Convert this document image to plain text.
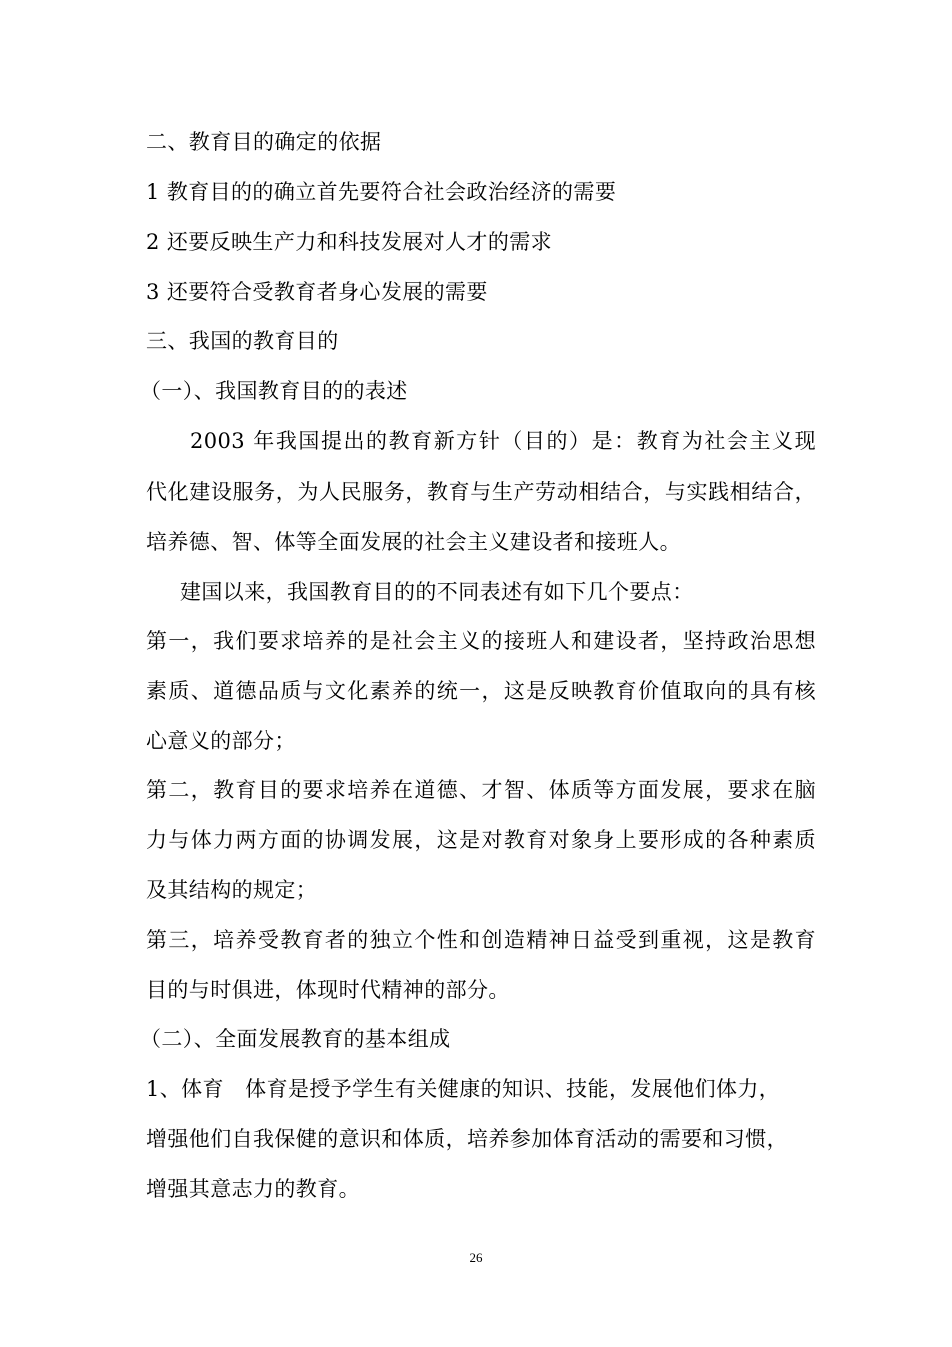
二、教育目的确定的依据
1 教育目的的确立首先要符合社会政治经济的需要
2 还要反映生产力和科技发展对人才的需求
3 还要符合受教育者身心发展的需要
三、我国的教育目的
（一）、我国教育目的的表述
2003 年我国提出的教育新方针（目的）是：教育为社会主义现
代化建设服务，为人民服务，教育与生产劳动相结合，与实践相结合，
培养德、智、体等全面发展的社会主义建设者和接班人。
建国以来，我国教育目的的不同表述有如下几个要点：
第一，我们要求培养的是社会主义的接班人和建设者，坚持政治思想
素质、道德品质与文化素养的统一，这是反映教育价值取向的具有核
心意义的部分；
第二，教育目的要求培养在道德、才智、体质等方面发展，要求在脑
力与体力两方面的协调发展，这是对教育对象身上要形成的各种素质
及其结构的规定；
第三，培养受教育者的独立个性和创造精神日益受到重视，这是教育
目的与时俱进，体现时代精神的部分。
（二）、全面发展教育的基本组成
1、体育   体育是授予学生有关健康的知识、技能，发展他们体力，
增强他们自我保健的意识和体质，培养参加体育活动的需要和习惯，
增强其意志力的教育。
26
